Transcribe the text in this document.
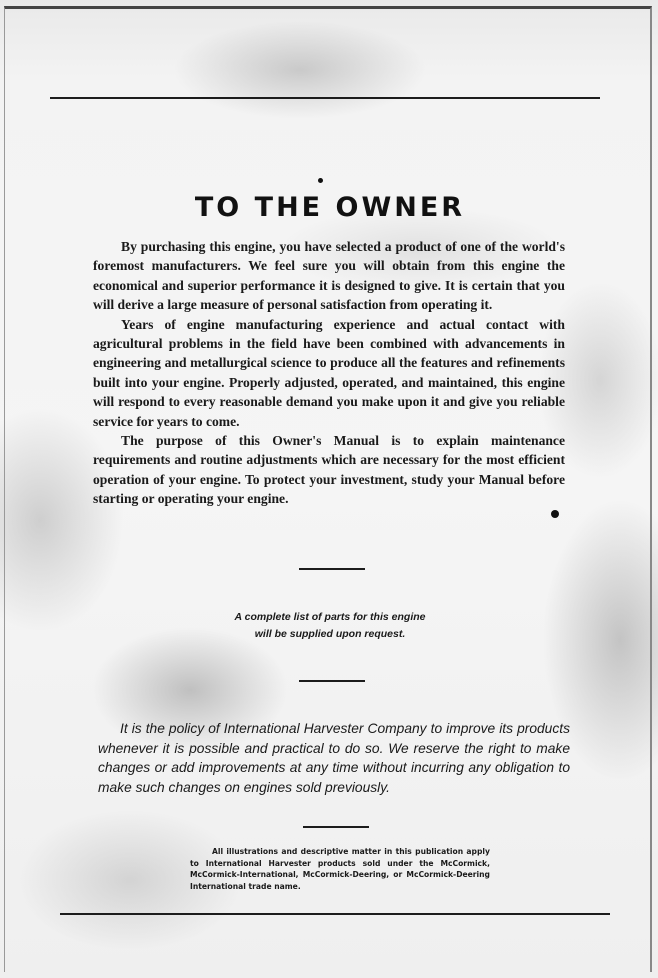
TO THE OWNER

By purchasing this engine, you have selected a product of one of the world's foremost manufacturers. We feel sure you will obtain from this engine the economical and superior performance it is designed to give. It is certain that you will derive a large measure of personal satisfaction from operating it.

Years of engine manufacturing experience and actual contact with agricultural problems in the field have been combined with advancements in engineering and metallurgical science to produce all the features and refinements built into your engine. Properly adjusted, operated, and maintained, this engine will respond to every reasonable demand you make upon it and give you reliable service for years to come.

The purpose of this Owner's Manual is to explain maintenance requirements and routine adjustments which are necessary for the most efficient operation of your engine. To protect your investment, study your Manual before starting or operating your engine.

A complete list of parts for this engine
will be supplied upon request.

It is the policy of International Harvester Company to improve its products whenever it is possible and practical to do so. We reserve the right to make changes or add improvements at any time without incurring any obligation to make such changes on engines sold previously.

All illustrations and descriptive matter in this publication apply to International Harvester products sold under the McCormick, McCormick-International, McCormick-Deering, or McCormick-Deering International trade name.
